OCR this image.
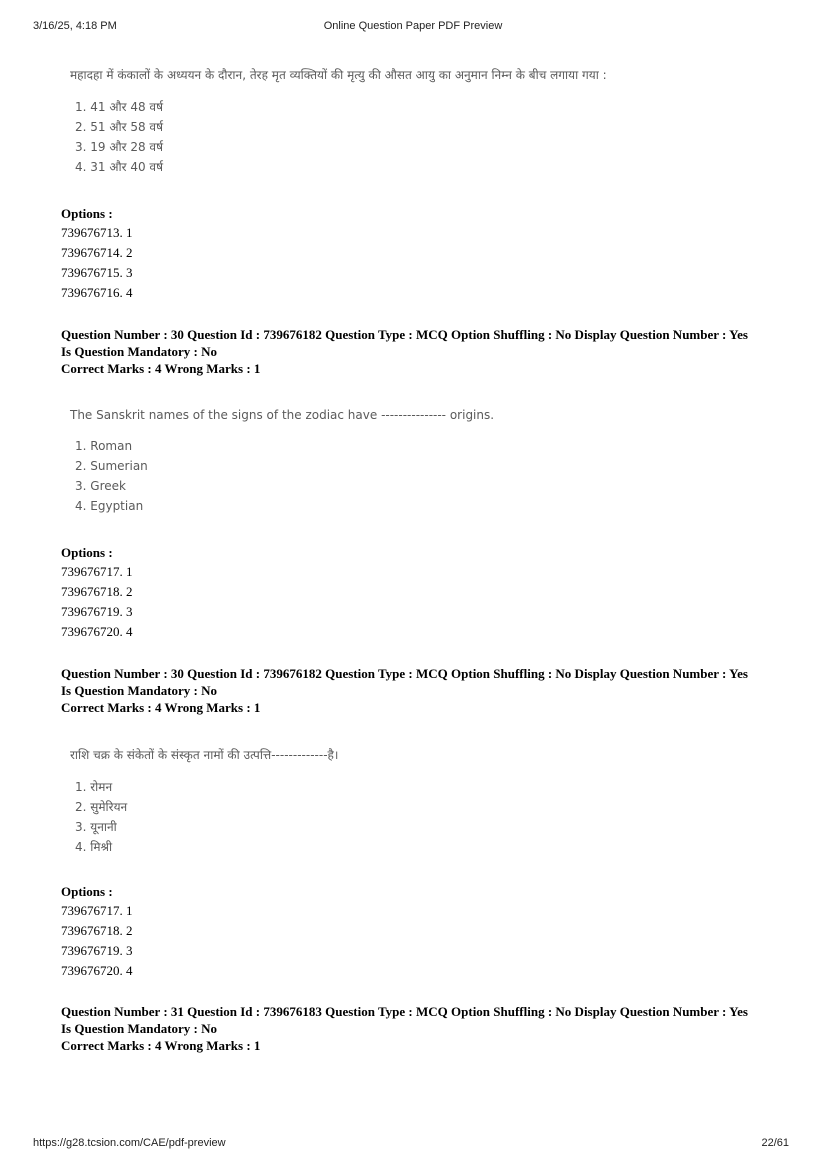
3/16/25, 4:18 PM	Online Question Paper PDF Preview
महादहा में कंकालों के अध्ययन के दौरान, तेरह मृत व्यक्तियों की मृत्यु की औसत आयु का अनुमान निम्न के बीच लगाया गया :
1. 41 और 48 वर्ष
2. 51 और 58 वर्ष
3. 19 और 28 वर्ष
4. 31 और 40 वर्ष
Options :
739676713. 1
739676714. 2
739676715. 3
739676716. 4
Question Number : 30 Question Id : 739676182 Question Type : MCQ Option Shuffling : No Display Question Number : Yes
Is Question Mandatory : No
Correct Marks : 4 Wrong Marks : 1
The Sanskrit names of the signs of the zodiac have --------------- origins.
1. Roman
2. Sumerian
3. Greek
4. Egyptian
Options :
739676717. 1
739676718. 2
739676719. 3
739676720. 4
Question Number : 30 Question Id : 739676182 Question Type : MCQ Option Shuffling : No Display Question Number : Yes
Is Question Mandatory : No
Correct Marks : 4 Wrong Marks : 1
राशि चक्र के संकेतों के संस्कृत नामों की उत्पत्ति-------------है।
1. रोमन
2. सुमेरियन
3. यूनानी
4. मिश्री
Options :
739676717. 1
739676718. 2
739676719. 3
739676720. 4
Question Number : 31 Question Id : 739676183 Question Type : MCQ Option Shuffling : No Display Question Number : Yes
Is Question Mandatory : No
Correct Marks : 4 Wrong Marks : 1
https://g28.tcsion.com/CAE/pdf-preview	22/61
